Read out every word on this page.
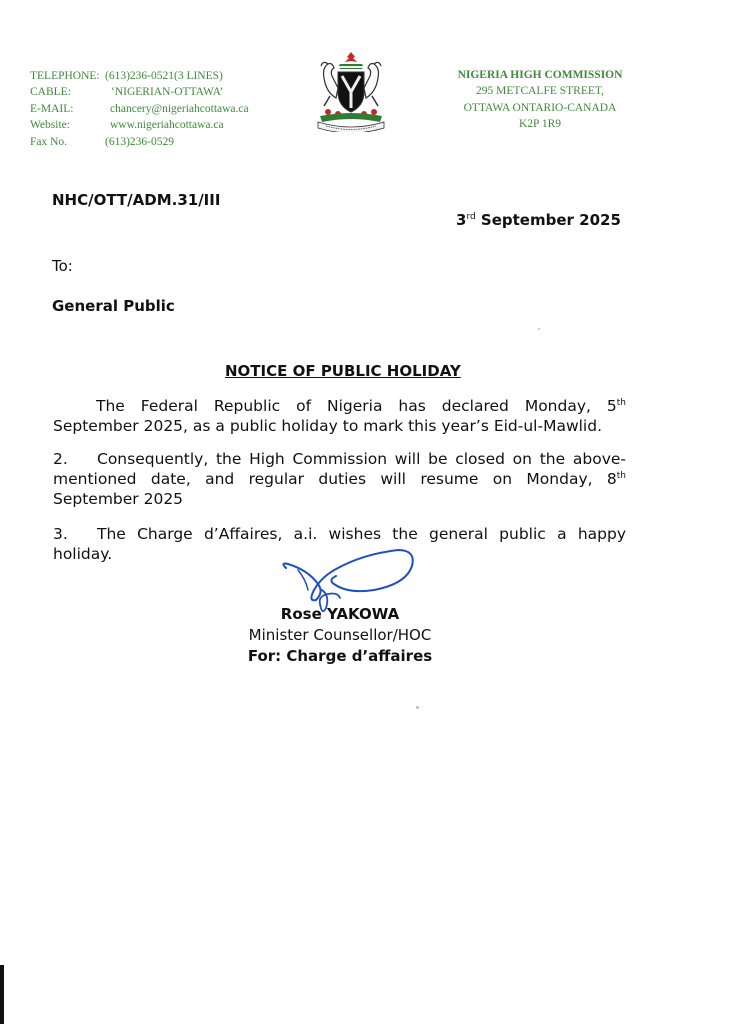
TELEPHONE: (613)236-0521(3 LINES)
CABLE:	‘NIGERIAN-OTTAWA’
E-MAIL:	chancery@nigeriahcottawa.ca
Website:	www.nigeriahcottawa.ca
Fax No.	(613)236-0529
NIGERIA HIGH COMMISSION
295 METCALFE STREET,
OTTAWA ONTARIO-CANADA
K2P 1R9
NHC/OTT/ADM.31/III
3rd September 2025
To:
General Public
NOTICE OF PUBLIC HOLIDAY
The Federal Republic of Nigeria has declared Monday, 5th September 2025, as a public holiday to mark this year’s Eid-ul-Mawlid.
2. Consequently, the High Commission will be closed on the above-mentioned date, and regular duties will resume on Monday, 8th September 2025
3. The Charge d’Affaires, a.i. wishes the general public a happy holiday.
Rose YAKOWA
Minister Counsellor/HOC
For: Charge d’affaires
